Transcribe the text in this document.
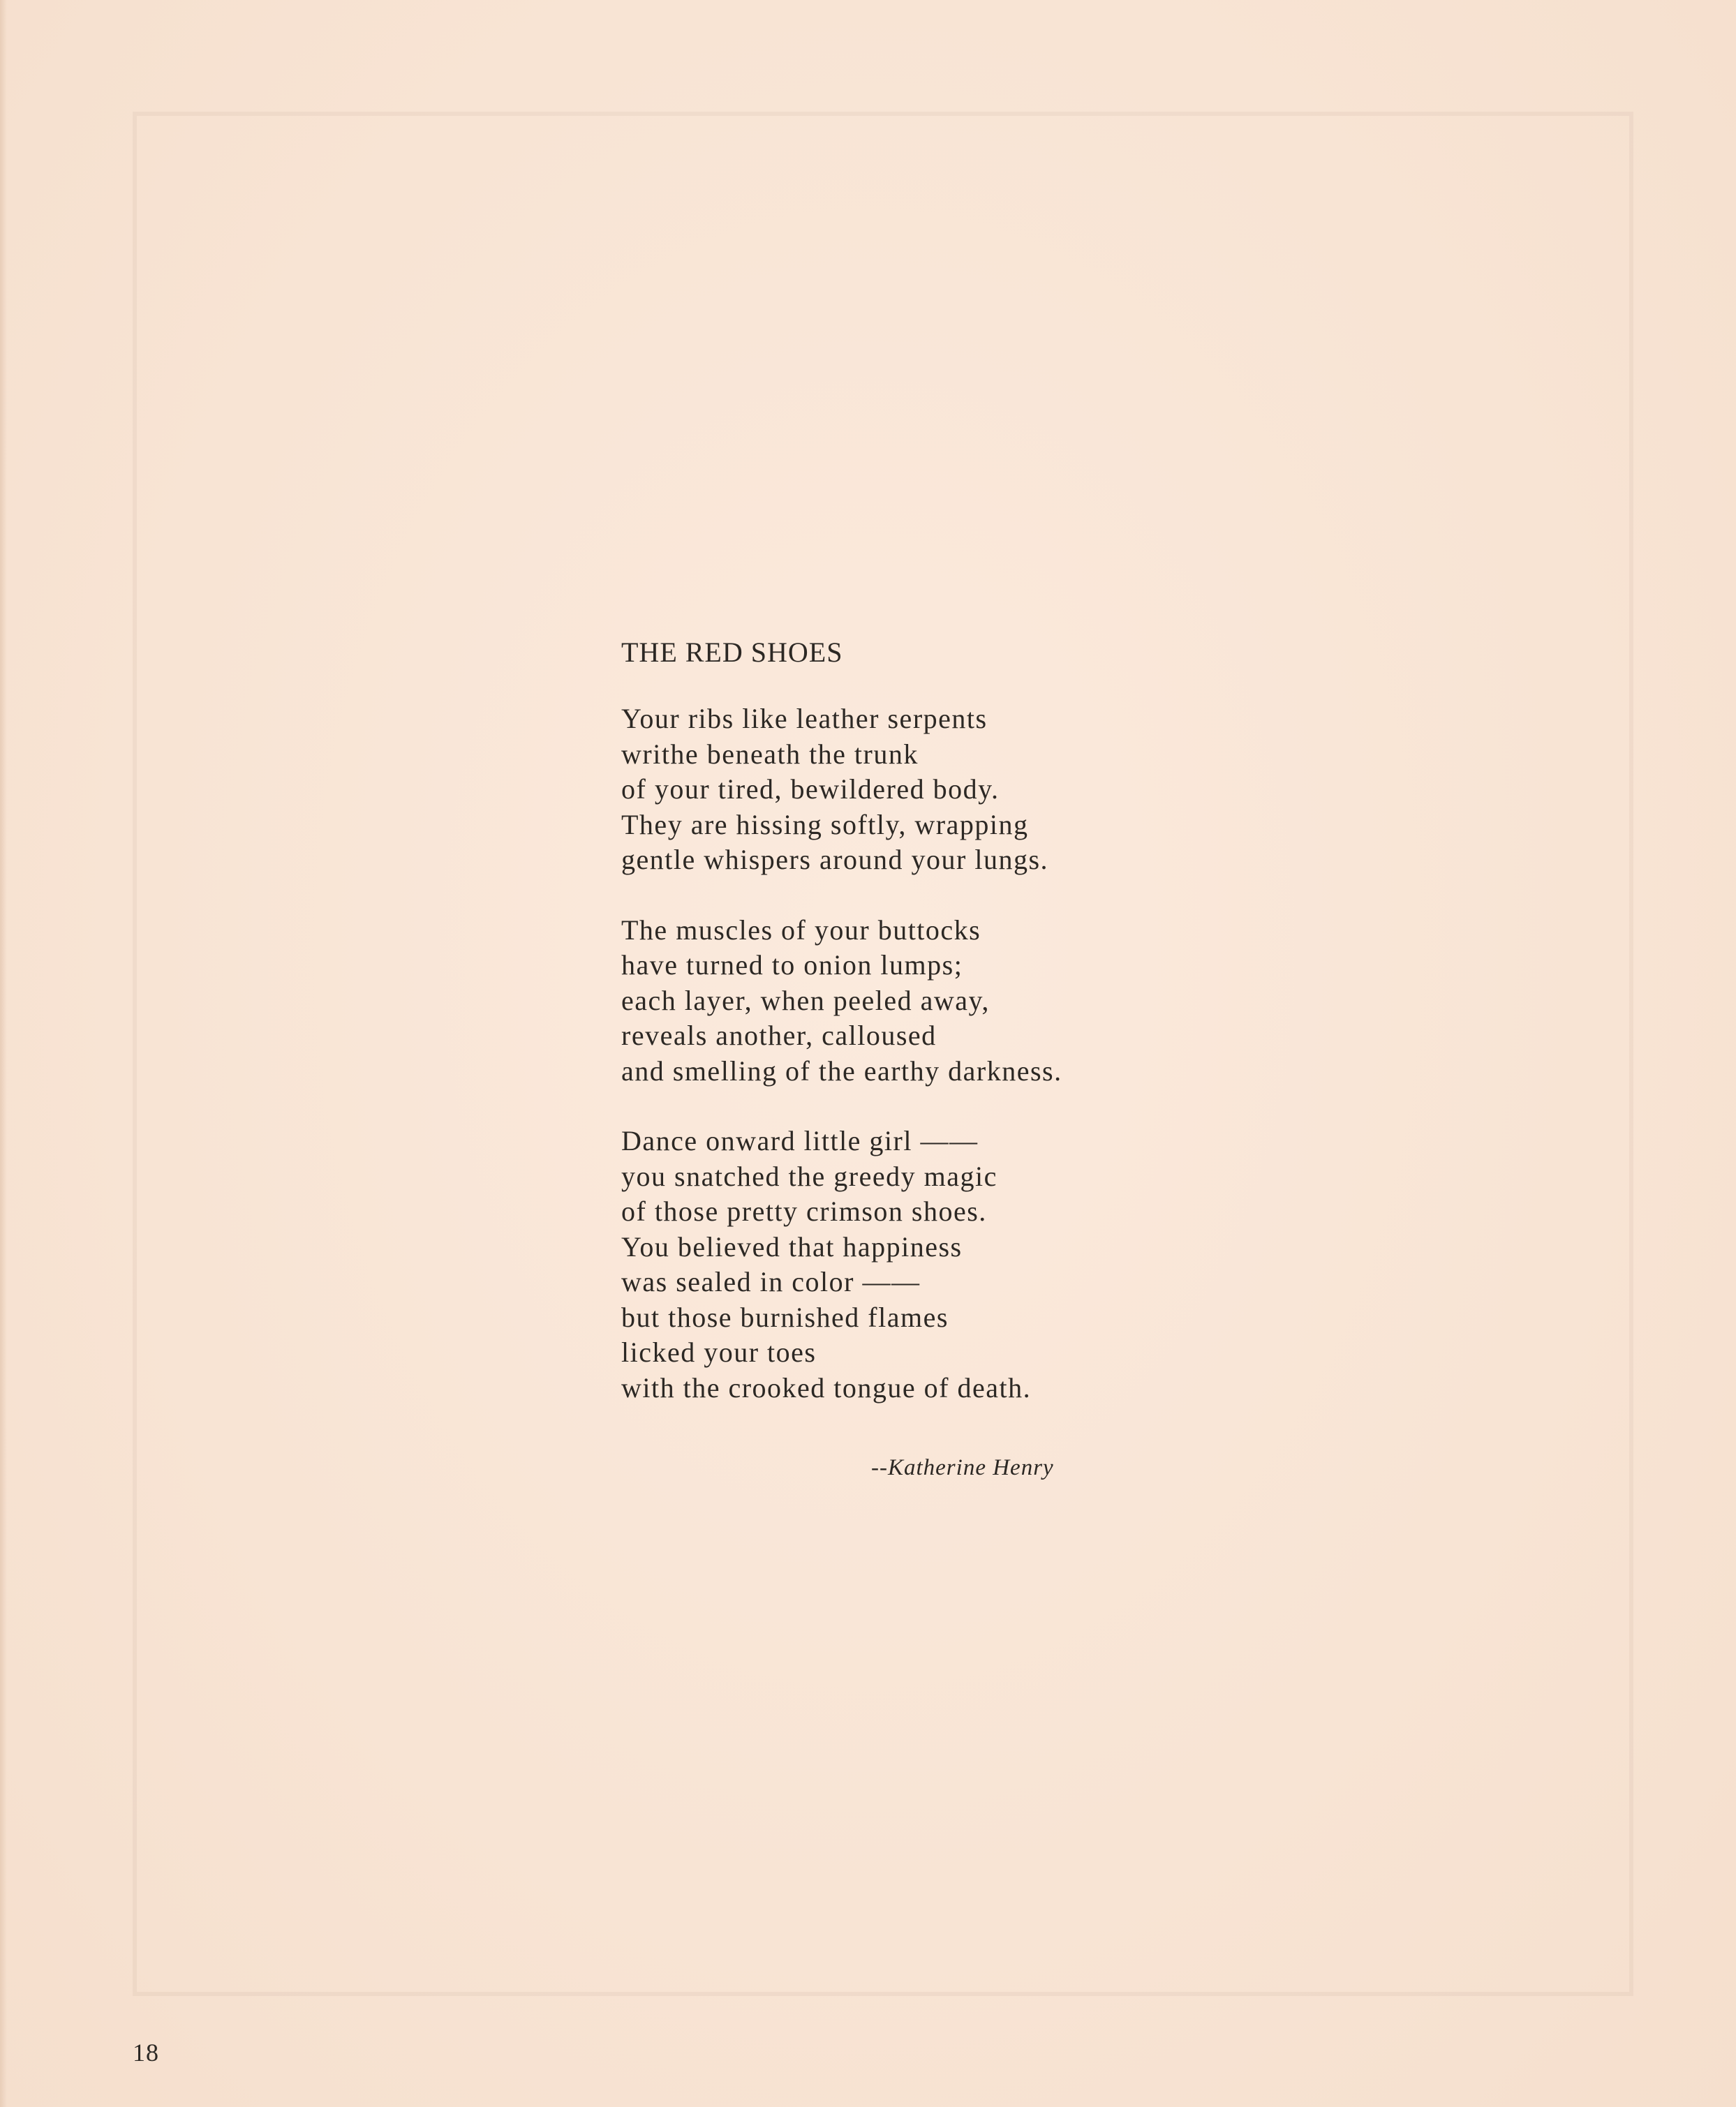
THE RED SHOES
Your ribs like leather serpents
writhe beneath the trunk
of your tired, bewildered body.
They are hissing softly, wrapping
gentle whispers around your lungs.
The muscles of your buttocks
have turned to onion lumps;
each layer, when peeled away,
reveals another, calloused
and smelling of the earthy darkness.
Dance onward little girl ——
you snatched the greedy magic
of those pretty crimson shoes.
You believed that happiness
was sealed in color ——
but those burnished flames
licked your toes
with the crooked tongue of death.
--Katherine Henry
18
